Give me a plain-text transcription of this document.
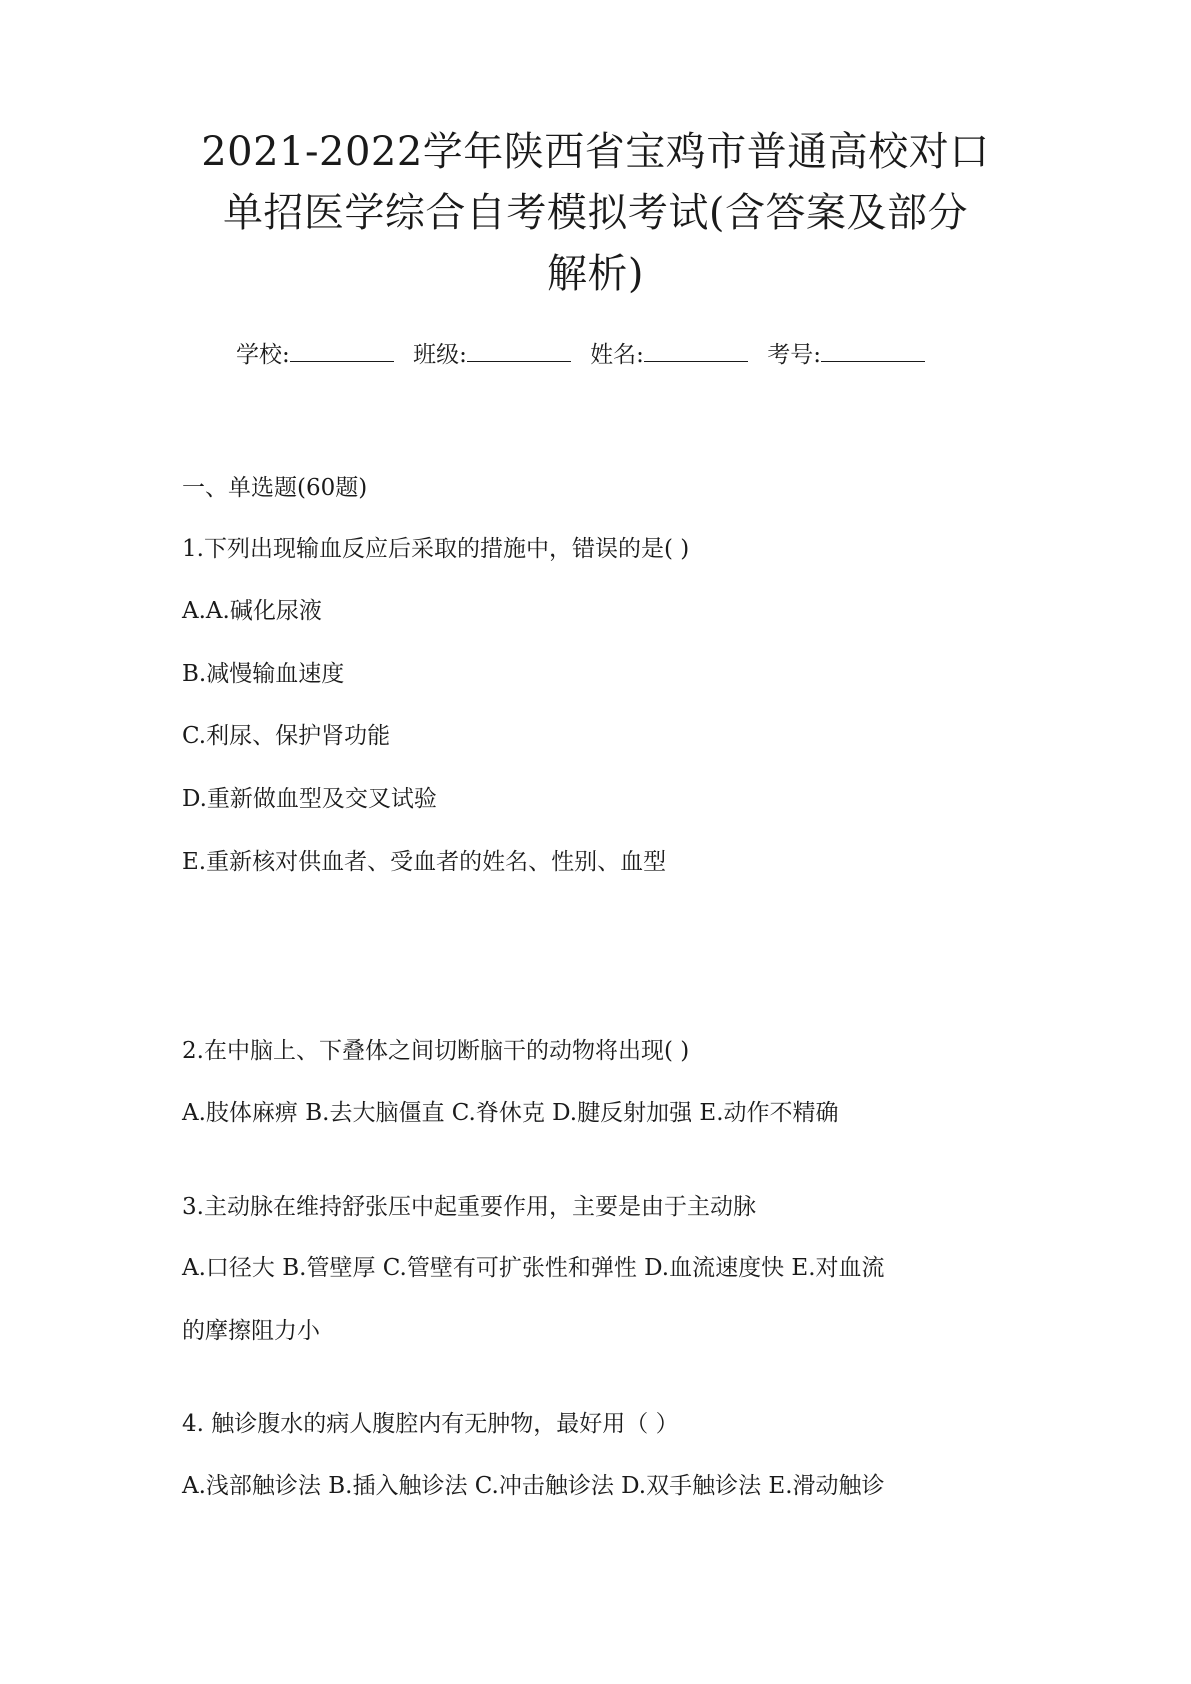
2021-2022学年陕西省宝鸡市普通高校对口
单招医学综合自考模拟考试(含答案及部分
解析)
学校:	班级:	姓名:	考号:
一、单选题(60题)
1.下列出现输血反应后采取的措施中，错误的是( )
A.A.碱化尿液
B.减慢输血速度
C.利尿、保护肾功能
D.重新做血型及交叉试验
E.重新核对供血者、受血者的姓名、性别、血型
2.在中脑上、下叠体之间切断脑干的动物将出现( )
A.肢体麻痹 B.去大脑僵直 C.脊休克 D.腱反射加强 E.动作不精确
3.主动脉在维持舒张压中起重要作用，主要是由于主动脉
A.口径大 B.管壁厚 C.管壁有可扩张性和弹性 D.血流速度快 E.对血流
的摩擦阻力小
4. 触诊腹水的病人腹腔内有无肿物，最好用（ ）
A.浅部触诊法 B.插入触诊法 C.冲击触诊法 D.双手触诊法 E.滑动触诊
